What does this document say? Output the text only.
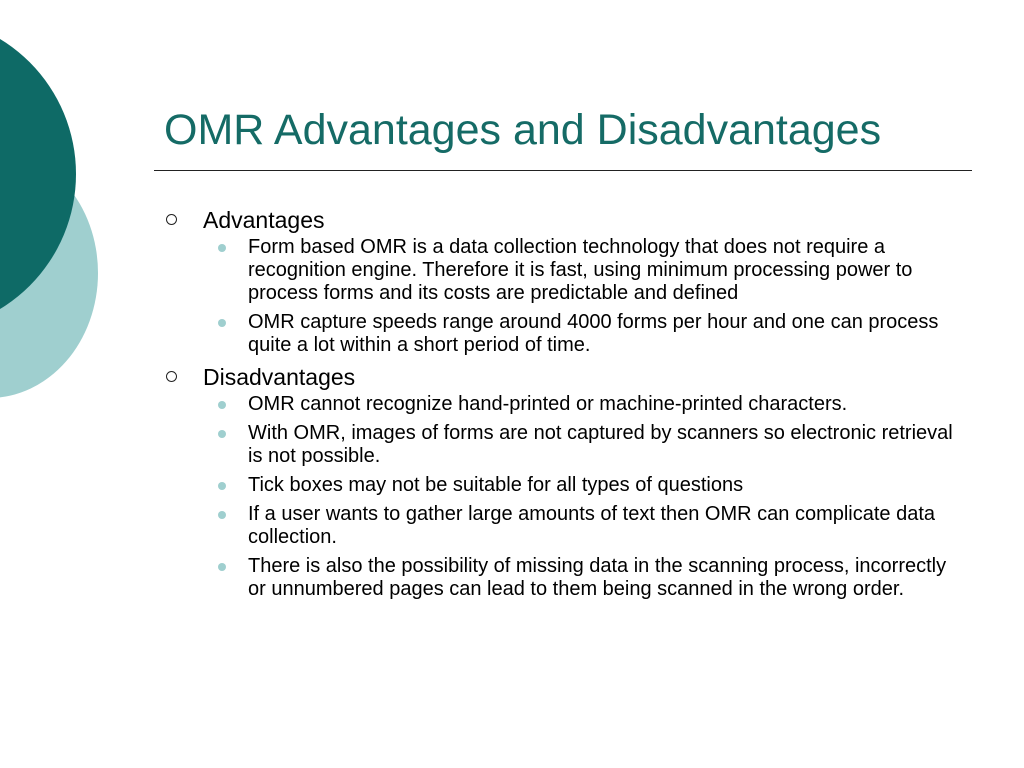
OMR Advantages and Disadvantages
Advantages
Form based OMR is a data collection technology that does not require a recognition engine. Therefore it is fast, using minimum processing power to process forms and its costs are predictable and defined
OMR capture speeds range around 4000 forms per hour and one can process quite a lot within a short period of time.
Disadvantages
OMR cannot recognize hand-printed or machine-printed characters.
With OMR, images of forms are not captured by scanners so electronic retrieval is not possible.
Tick boxes may not be suitable for all types of questions
If a user wants to gather large amounts of text then OMR can complicate data collection.
There is also the possibility of missing data in the scanning process, incorrectly or unnumbered pages can lead to them being scanned in the wrong order.
